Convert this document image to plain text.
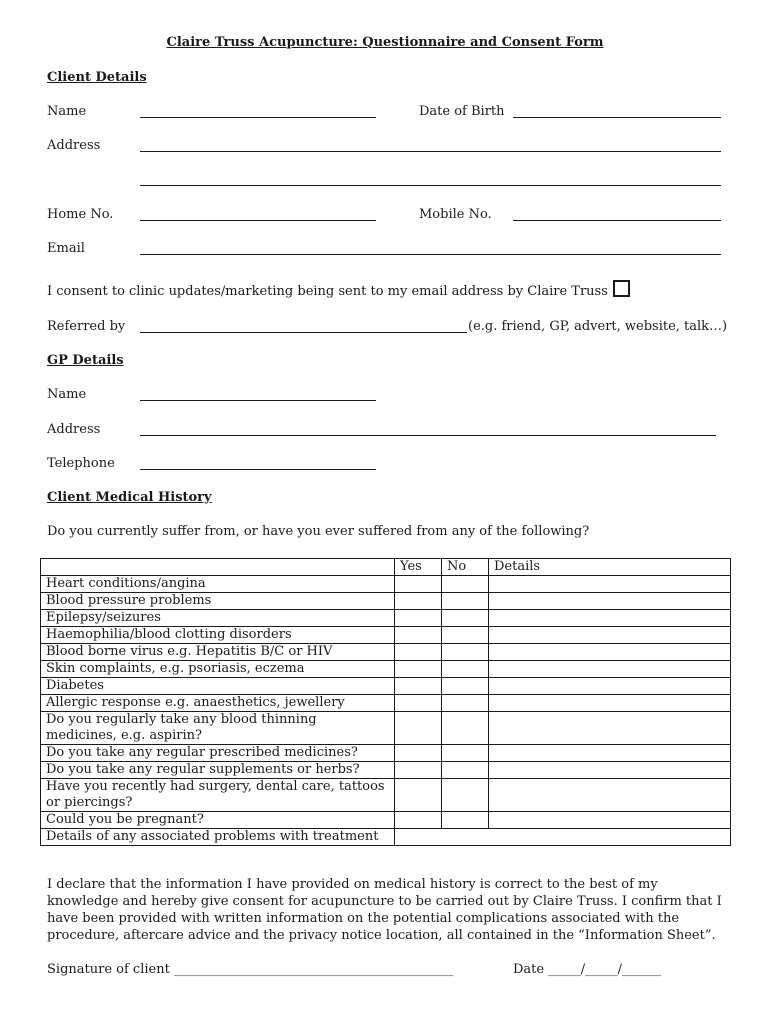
Claire Truss Acupuncture: Questionnaire and Consent Form
Client Details
Name	Date of Birth
Address
Home No.	Mobile No.
Email
I consent to clinic updates/marketing being sent to my email address by Claire Truss
Referred by	(e.g. friend, GP, advert, website, talk…)
GP Details
Name
Address
Telephone
Client Medical History
Do you currently suffer from, or have you ever suffered from any of the following?
	Yes	No	Details
Heart conditions/angina			
Blood pressure problems			
Epilepsy/seizures			
Haemophilia/blood clotting disorders			
Blood borne virus e.g. Hepatitis B/C or HIV			
Skin complaints, e.g. psoriasis, eczema			
Diabetes			
Allergic response e.g. anaesthetics, jewellery			
Do you regularly take any blood thinning medicines, e.g. aspirin?			
Do you take any regular prescribed medicines?			
Do you take any regular supplements or herbs?			
Have you recently had surgery, dental care, tattoos or piercings?			
Could you be pregnant?			
Details of any associated problems with treatment			
I declare that the information I have provided on medical history is correct to the best of my knowledge and hereby give consent for acupuncture to be carried out by Claire Truss. I confirm that I have been provided with written information on the potential complications associated with the procedure, aftercare advice and the privacy notice location, all contained in the “Information Sheet”.
Signature of client ___________________________________________	Date _____/_____/______
